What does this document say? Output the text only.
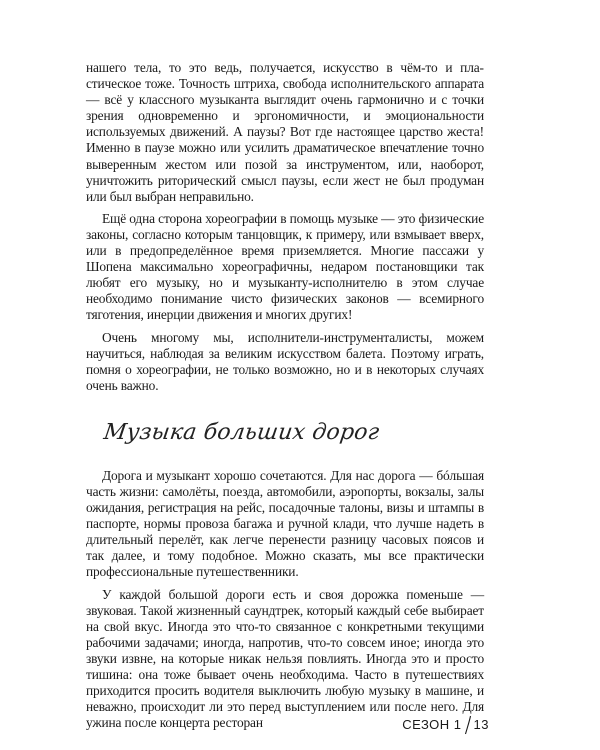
нашего тела, то это ведь, получается, искусство в чём-то и пластическое тоже. Точность штриха, свобода исполнительского аппарата — всё у классного музыканта выглядит очень гармонично и с точки зрения одновременно и эргономичности, и эмоциональности используемых движений. А паузы? Вот где настоящее царство жеста! Именно в паузе можно или усилить драматическое впечатление точно выверенным жестом или позой за инструментом, или, наоборот, уничтожить риторический смысл паузы, если жест не был продуман или был выбран неправильно.

Ещё одна сторона хореографии в помощь музыке — это физические законы, согласно которым танцовщик, к примеру, или взмывает вверх, или в предопределённое время приземляется. Многие пассажи у Шопена максимально хореографичны, недаром постановщики так любят его музыку, но и музыканту-исполнителю в этом случае необходимо понимание чисто физических законов — всемирного тяготения, инерции движения и многих других!

Очень многому мы, исполнители-инструменталисты, можем научиться, наблюдая за великим искусством балета. Поэтому играть, помня о хореографии, не только возможно, но и в некоторых случаях очень важно.

Музыка больших дорог

Дорога и музыкант хорошо сочетаются. Для нас дорога — бóльшая часть жизни: самолёты, поезда, автомобили, аэропорты, вокзалы, залы ожидания, регистрация на рейс, посадочные талоны, визы и штампы в паспорте, нормы провоза багажа и ручной клади, что лучше надеть в длительный перелёт, как легче перенести разницу часовых поясов и так далее, и тому подобное. Можно сказать, мы все практически профессиональные путешественники.

У каждой большой дороги есть и своя дорожка поменьше — звуковая. Такой жизненный саундтрек, который каждый себе выбирает на свой вкус. Иногда это что-то связанное с конкретными текущими рабочими задачами; иногда, напротив, что-то совсем иное; иногда это звуки извне, на которые никак нельзя повлиять. Иногда это и просто тишина: она тоже бывает очень необходима. Часто в путешествиях приходится просить водителя выключить любую музыку в машине, и неважно, происходит ли это перед выступлением или после него. Для ужина после концерта ресторан	СЕЗОН 1 13
